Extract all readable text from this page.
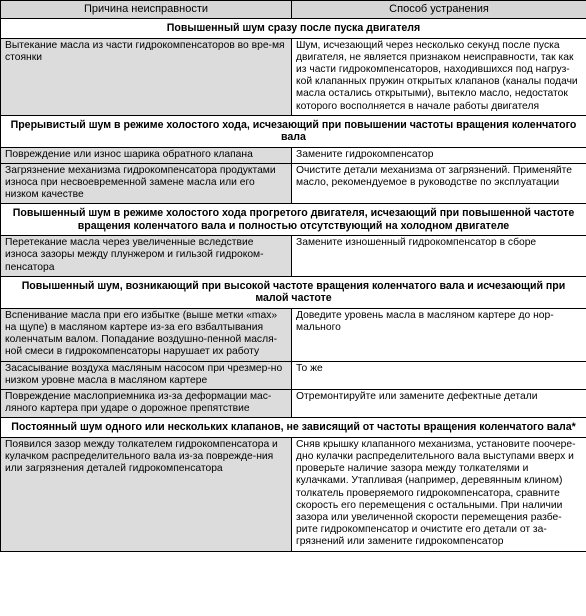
Причина неисправности	Способ устранения
Повышенный шум сразу после пуска двигателя	
Вытекание масла из части гидрокомпенсаторов во вре-мя стоянки	Шум, исчезающий через несколько секунд после пуска двигателя, не является признаком неисправности, так как из части гидрокомпенсаторов, находившихся под нагруз-кой клапанных пружин открытых клапанов (каналы подачи масла остались открытыми), вытекло масло, недостаток которого восполняется в начале работы двигателя
Прерывистый шум в режиме холостого хода, исчезающий при повышении частоты вращения коленчатого вала	
Повреждение или износ шарика обратного клапана	Замените гидрокомпенсатор
Загрязнение механизма гидрокомпенсатора продуктами износа при несвоевременной замене масла или его низком качестве	Очистите детали механизма от загрязнений. Применяйте масло, рекомендуемое в руководстве по эксплуатации
Повышенный шум в режиме холостого хода прогретого двигателя, исчезающий при повышенной частоте вращения коленчатого вала и полностью отсутствующий на холодном двигателе	
Перетекание масла через увеличенные вследствие износа зазоры между плунжером и гильзой гидроком-пенсатора	Замените изношенный гидрокомпенсатор в сборе
Повышенный шум, возникающий при высокой частоте вращения коленчатого вала и исчезающий при малой частоте	
Вспенивание масла при его избытке (выше метки «max» на щупе) в масляном картере из-за его взбалтывания коленчатым валом. Попадание воздушно-пенной масля-ной смеси в гидрокомпенсаторы нарушает их работу	Доведите уровень масла в масляном картере до нор-мального
Засасывание воздуха масляным насосом при чрезмер-но низком уровне масла в масляном картере	То же
Повреждение маслоприемника из-за деформации мас-ляного картера при ударе о дорожное препятствие	Отремонтируйте или замените дефектные детали
Постоянный шум одного или нескольких клапанов, не зависящий от частоты вращения коленчатого вала*	
Появился зазор между толкателем гидрокомпенсатора и кулачком распределительного вала из-за поврежде-ния или загрязнения деталей гидрокомпенсатора	Сняв крышку клапанного механизма, установите поочере-дно кулачки распределительного вала выступами вверх и проверьте наличие зазора между толкателями и кулачками. Утапливая (например, деревянным клином) толкатель проверяемого гидрокомпенсатора, сравните скорость его перемещения с остальными. При наличии зазора или увеличенной скорости перемещения разбе-рите гидрокомпенсатор и очистите его детали от за-грязнений или замените гидрокомпенсатор
